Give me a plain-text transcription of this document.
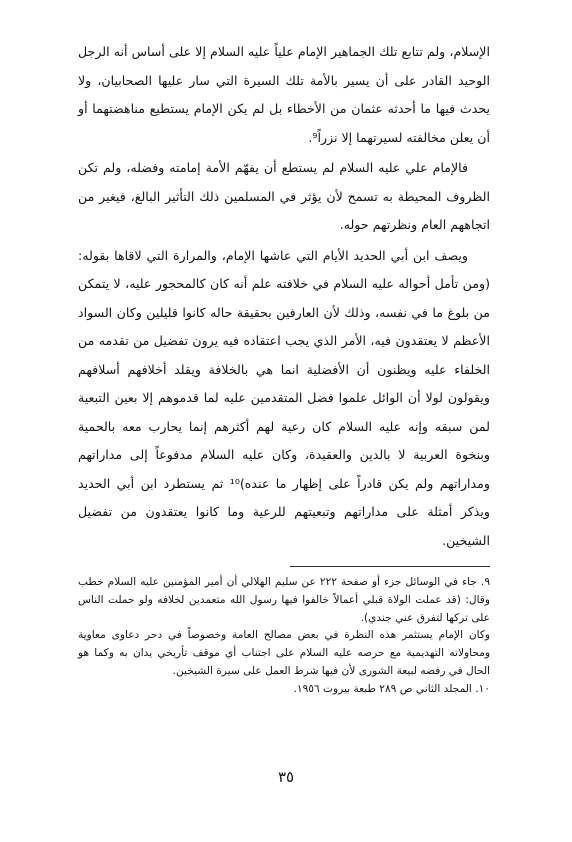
الإسلام، ولم تتابع تلك الجماهير الإمام علياً عليه السلام إلا على أساس أنه الرجل الوحيد القادر على أن يسير بالأمة تلك السيرة التي سار عليها الصحابيان، ولا يحدث فيها ما أحدثه عثمان من الأخطاء بل لم يكن الإمام يستطيع مناهضتهما أو أن يعلن مخالفته لسيرتهما إلا نزراً⁹.

فالإمام علي عليه السلام لم يستطع أن يفهّم الأمة إمامته وفضله، ولم تكن الظروف المحيطة به تسمح لأن يؤثر في المسلمين ذلك التأثير البالغ، فيغير من اتجاههم العام ونظرتهم حوله.

ويصف ابن أبي الحديد الأيام التي عاشها الإمام، والمرارة التي لاقاها بقوله: (ومن تأمل أحواله عليه السلام في خلافته علم أنه كان كالمحجور عليه، لا يتمكن من بلوغ ما في نفسه، وذلك لأن العارفين بحقيقة حاله كانوا قليلين وكان السواد الأعظم لا يعتقدون فيه، الأمر الذي يجب اعتقاده فيه يرون تفضيل من تقدمه من الخلفاء عليه ويظنون أن الأفضلية انما هي بالخلافة ويقلد أخلافهم أسلافهم ويقولون لولا أن الوائل علموا فضل المتقدمين عليه لما قدموهم إلا بعين التبعية لمن سبقه وإنه عليه السلام كان رعية لهم أكثرهم إنما يحارب معه بالحمية وبنخوة العربية لا بالدين والعقيدة، وكان عليه السلام مدفوعاً إلى مداراتهم ومداراتهم ولم يكن قادراً على إظهار ما عنده)¹⁰ ثم يستطرد ابن أبي الحديد ويذكر أمثلة على مداراتهم وتبعيتهم للرعية وما كانوا يعتقدون من تفضيل الشيخين.

٩. جاء في الوسائل جزء أو صفحة ٢٢٢ عن سليم الهلالي أن أمير المؤمنين عليه السلام خطب وقال: (قد عملت الولاة قبلي أعمالاً خالفوا فيها رسول الله متعمدين لخلافه ولو حملت الناس على تركها لتفرق عني جندي).

وكان الإمام يستثمر هذه النظرة في بعض مصالح العامة وخصوصاً في دحر دعاوى معاوية ومحاولاته التهديمية مع حرصه عليه السلام على اجتناب أي موقف تأريخي يدان به وكما هو الحال في رفضه لبيعة الشورى لأن فيها شرط العمل على سيرة الشيخين.

١٠. المجلد الثاني ص ٢٨٩ طبعة بيروت ١٩٥٦.

٣٥
